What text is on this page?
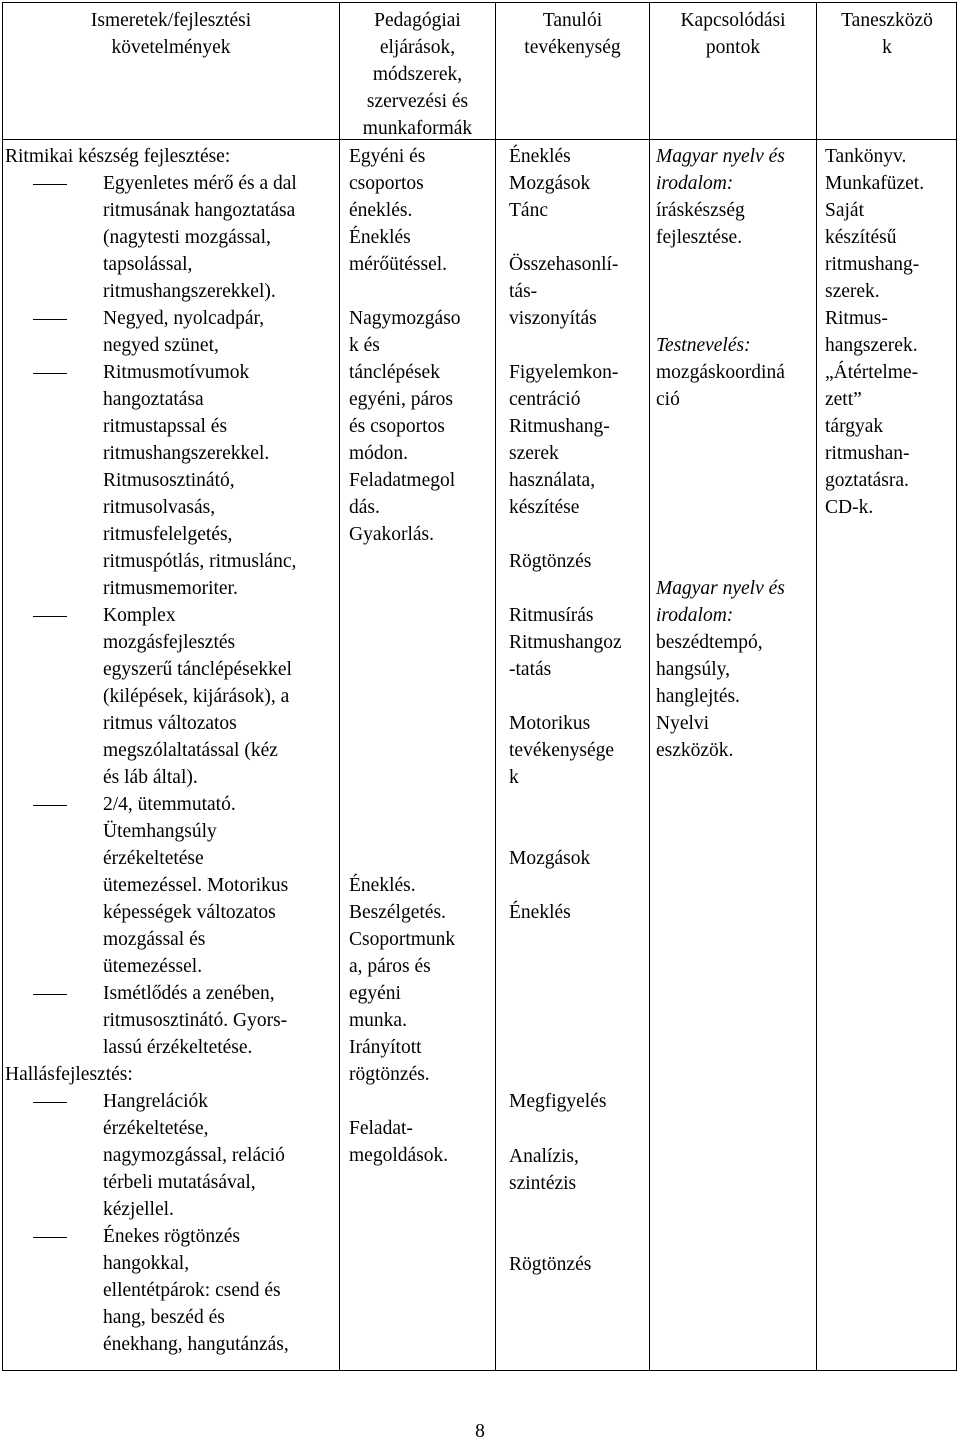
Ismeretek/fejlesztési
követelmények
Pedagógiai
eljárások,
módszerek,
szervezési és
munkaformák
Tanulói
tevékenység
Kapcsolódási
pontok
Taneszközö
k
Ritmikai készség fejlesztése:
Egyenletes mérő és a dal
ritmusának hangoztatása
(nagytesti mozgással,
tapsolással,
ritmushangszerekkel).
Negyed, nyolcadpár,
negyed szünet,
Ritmusmotívumok
hangoztatása
ritmustapssal és
ritmushangszerekkel.
Ritmusosztinátó,
ritmusolvasás,
ritmusfelelgetés,
ritmuspótlás, ritmuslánc,
ritmusmemoriter.
Komplex
mozgásfejlesztés
egyszerű tánclépésekkel
(kilépések, kijárások), a
ritmus változatos
megszólaltatással (kéz
és láb által).
2/4, ütemmutató.
Ütemhangsúly
érzékeltetése
ütemezéssel. Motorikus
képességek változatos
mozgással és
ütemezéssel.
Ismétlődés a zenében,
ritmusosztinátó. Gyors-
lassú érzékeltetése.
Hallásfejlesztés:
Hangrelációk
érzékeltetése,
nagymozgással, reláció
térbeli mutatásával,
kézjellel.
Énekes rögtönzés
hangokkal,
ellentétpárok: csend és
hang, beszéd és
énekhang, hangutánzás,
Egyéni és
csoportos
éneklés.
Éneklés
mérőütéssel.
Nagymozgáso
k és
tánclépések
egyéni, páros
és csoportos
módon.
Feladatmegol
dás.
Gyakorlás.
Éneklés.
Beszélgetés.
Csoportmunk
a, páros és
egyéni
munka.
Irányított
rögtönzés.
Feladat-
megoldások.
Éneklés
Mozgások
Tánc
Összehasonlí-
tás-
viszonyítás
Figyelemkon-
centráció
Ritmushang-
szerek
használata,
készítése
Rögtönzés
Ritmusírás
Ritmushangoz
-tatás
Motorikus
tevékenysége
k
Mozgások
Éneklés
Megfigyelés
Analízis,
szintézis
Rögtönzés
Magyar nyelv és
irodalom:
íráskészség
fejlesztése.
Testnevelés:
mozgáskoordiná
ció
Magyar nyelv és
irodalom:
beszédtempó,
hangsúly,
hanglejtés.
Nyelvi
eszközök.
Tankönyv.
Munkafüzet.
Saját
készítésű
ritmushang-
szerek.
Ritmus-
hangszerek.
„Átértelme-
zett”
tárgyak
ritmushan-
goztatásra.
CD-k.
8
